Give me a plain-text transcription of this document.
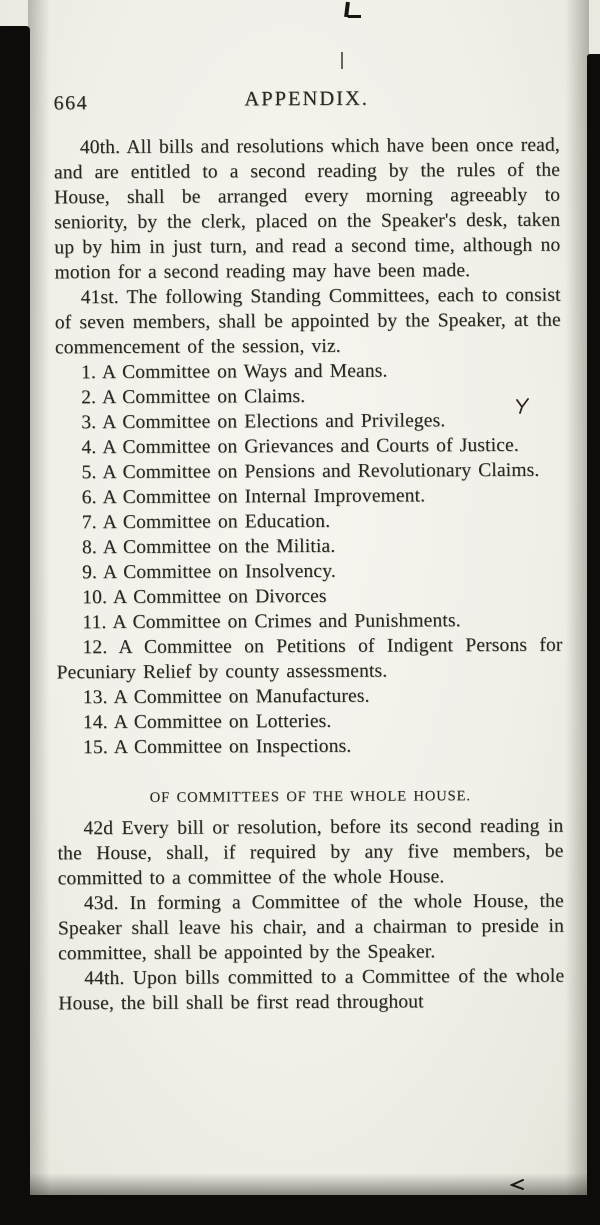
664	APPENDIX.

40th. All bills and resolutions which have been once read, and are entitled to a second reading by the rules of the House, shall be arranged every morning agreeably to seniority, by the clerk, placed on the Speaker's desk, taken up by him in just turn, and read a second time, although no motion for a second reading may have been made.

41st. The following Standing Committees, each to consist of seven members, shall be appointed by the Speaker, at the commencement of the session, viz.

1. A Committee on Ways and Means.

2. A Committee on Claims.

3. A Committee on Elections and Privileges.

4. A Committee on Grievances and Courts of Justice.

5. A Committee on Pensions and Revolutionary Claims.

6. A Committee on Internal Improvement.

7. A Committee on Education.

8. A Committee on the Militia.

9. A Committee on Insolvency.

10. A Committee on Divorces

11. A Committee on Crimes and Punishments.

12. A Committee on Petitions of Indigent Persons for Pecuniary Relief by county assessments.

13. A Committee on Manufactures.

14. A Committee on Lotteries.

15. A Committee on Inspections.

OF COMMITTEES OF THE WHOLE HOUSE.

42d Every bill or resolution, before its second reading in the House, shall, if required by any five members, be committed to a committee of the whole House.

43d. In forming a Committee of the whole House, the Speaker shall leave his chair, and a chairman to preside in committee, shall be appointed by the Speaker.

44th. Upon bills committed to a Committee of the whole House, the bill shall be first read throughout
